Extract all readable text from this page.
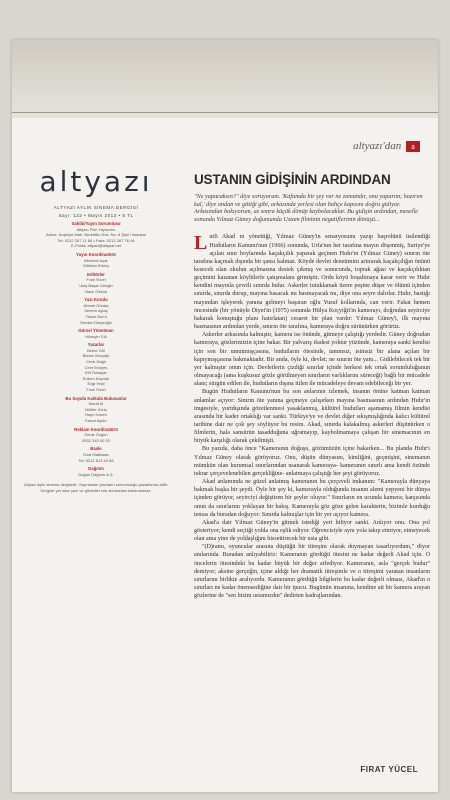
altyazı'dan a
altyazı
ALTYAZI AYLIK SİNEMA DERGİSİ
Sayı: 122 • Mayıs 2012 • 5 TL
Sahibi/Yayın Sorumlusu
Altyazı Film Yayıncılık
Adres: Kuştepe Mah. Bedrettin Sok. No: 8 Şişli / İstanbul
Tel: 0212 267 11 60 • Faks: 0212 267 76 06
E-Posta: altyazi@altyazi.net
Yayın Koordinatörü
Mehmet Açar
Gökhan Erkılıç
Editörler
Fırat Yücel
Ulaş Başar Gezgin
Nazlı Öztürk
Yazı Kurulu
Ahmet Gürata
Senem Aytaç
Yeşim Burul
Serdar Kökçeoğlu
Görsel Yönetmen
Hüseyin Gül
Yazarlar
Berke Göl
Berna Gençalp
Cenk Dağlı
Cem Erciyes
Elif Özsayar
Erdem Kaynak
Ezgi Yeşil
Fırat Yücel
Bu Sayıda Katkıda Bulunanlar
Murat İri
Nilüfer Zorlu
Hayri Kesen
Kanat Aydın
Reklam Koordinatörü
Deniz Özgün
0532 343 00 00
Baskı
Özal Matbaası
Tel: 0212 613 43 88
Dağıtım
Doğan Dağıtım A.Ş.
Altyazı aylık sinema dergisidir. Yayınlanan yazıların sorumluluğu yazarlarına aittir. Dergide yer alan yazı ve görseller izin alınmadan kullanılamaz.
USTANIN GİDİŞİNİN ARDINDAN

"Ne yapacaksın?" diye soruyorum. 'Kafamda bir şey var ne zamandır, onu yaparım; hazırım kal,' diye ondan ve gittiği gibi, arkasında yerlesi olan bahçe kapısını doğru gidiyor. Arkasından bakıyorum, az sonra küçük dönüp kaybolacaklar. Bu gidişin ardından, meselle sonunda Yılmaz Güney doğumunda Ustam filminin negatiflerinin dönüşü...

L utfi Akad ın yönettiği, Yılmaz Güney'in senaryosunu yazıp başrolünü üstlendiği Hudutların Kanunu'nun (1966) sonunda, Urfa'nın her tarafına mayın döşenmiş, Suriye'ye açılan sınır boylarında kaçakçılık yaparak geçinen Hıdır'ın (Yılmaz Güney) sınırın öte tarafına kaçmak dışında bir şansı kalmaz. Köyde devlet denetimini artırarak kaçakçılığın önünü kesecek olan okulun açılmasına destek çıkmış ve sonucunda, toprak ağası ve kaçakçılıktan geçimini kazanan köylülerle çatışmalara girmiştir. Ordu köyü boşaltmaya karar verir ve Hıdır kendini mayınla çevrili sınırda bulur. Askerler tutuklamak üzere peşine düşer ve ölümü içinden sınırda, sınırda durup, mayına basacak mı basmayacak mı, diye ona seyre dalırlar. Hıdır, bastığı mayından işleyerek yanına gelmeyi başaran oğlu Yusuf kollarında, can verir. Fakat hemen öncesinde (bir yönüyle Diyet'in (1975) sonunda Hülya Koçyiğit'in kamerayı, doğrudan seyirciye bakarak konuştuğu planı hatırlatan) cesaret bir plan vardır: Yılmaz Güney'i, ilk mayına basmasının ardından yerde, sınırın öte tarafına, kameraya doğru sürünürken görürüz.

Askerler arkasında kalmıştır, kamera ise önünde, gitmeye çalıştığı yerdedir. Güney doğrudan kameraya, gözlerimizin içine bakar. Bir yalvarış ifadesi yoktur yüzünde, kameraya sanki kendisi için son bir umutmuşçasına, hudutların ötesinde, tanımsız, isimsiz bir alana açılan bir kapıymışçasına bakmaktadır. Bir anda, öyle ki, devlet; ne sınırın öte yanı... Gidilebilecek tek bir yer kalmıştır onun için. Devletlerin çizdiği sınırlar içinde herkesi tek ortak sorumluluğunun olmayacağı (ama kuşkusuz gözle görülmeyen sınırların varlıklarını süreceği) bağlı bir mücadele alanı; sürgün edilen ile, hudutların dışına itilen ile mücadeleye devam edebileceği bir yer.

Bugün Hudutların Kanunu'nun bu son anlarının izlemek, insanın önüne katman katman anlamlar açıyor: Sınırın öte yanına geçmeye çalışırken mayına basmasının ardından Hıdır'ın imgesiyle, yurtdışında gözetlenmesi yasaklanmış, kültürel hudutları aşamamış filmin kendisi arasında bir kader ortaklığı var sanki. Türkiye'ye ve devlet diğer sıkışmışlığında kalıcı kültürel tarihine dair ne çok şey söylüyor bu resim. Akad, sınırda kalakalmış askerleri düşünürken o filmlerin, hala sansürün tasadduğuna uğramayıp, kaybolmamaya çalışan bir sinemacının en büyük karşılığı olarak çekilmişti.

Bu yazıda, daha önce "Kameranın doğuşu, gözümüzün içine bakarken... Bu planda Hıdır'ı Yılmaz Güney olarak görüyoruz. Onu, düşün dünyasını, kimliğini, geçmişini, sinemanın mümkün olan kurumsal sınırlarından usanarak kameraya- kameranın sınırlı ama kendi özünde tekrar çerçevelenebilen gerçekliğine- anlatmaya çalıştığı her şeyi görüyoruz.

Akad anlamında ne güzel anlatmış kameranın bu çerçeveli imkanını: "Kamerayla dünyaya bakmak başka bir şeydi. Öyle bir şey ki, kamerayla olduğunda insanın alemi yepyeni bir dünya içinden görüyor, seyirciyi değiştiren bir şeyler oluyor." Sınırların en ucunda kamera; karşısında onun da sınırlarını yoklayan bir bakış. Kamerayla göz göze gelen karakterin, bizimle kurduğu temas da buradan doğuyor: Sınırda kalmışlar için bir yer açıyor kamera.

Akad'a dair Yılmaz Güney'in gitmek istediği yeri biliyor sanki. Anlıyor onu. Ona yol gösteriyor; kendi seçtiği yolda ona eşlik ediyor. Öğrencisiyle aynı yola takıp etmiyor, etmeyecek olan ama yine de yoldaşlığını hissettirecek bir usta gibi.

"(D)ramı, oyuncular arasına düştüğü bir titreşim olarak duymayan tasarlıyordum," diyor anılarında. Buradan anlıyabiliriz: Kameranın gördüğü ötesini ne kadar değerli Akad için. O öncelerin ötesindeki bu kadar büyük bir değer atfediyor. Kameranın, asla "gerçek budur" demiyor; aksine gerçeğin, içine aldığı her dramatik titreşimle ve o titreşimi yaratan insanların sınırlarını birlikte aralıyordu. Kameranın gördüğü bilgilerin bu kadar değerli olması, Akad'ın o sınırları ne kadar önemsediğine dair bir ipucu. Bugünün insanına, kendine ait bir kamera arayan gözlerine de "sen bizim ustamızdın" dedirten kadrajlarından.

FIRAT YÜCEL
